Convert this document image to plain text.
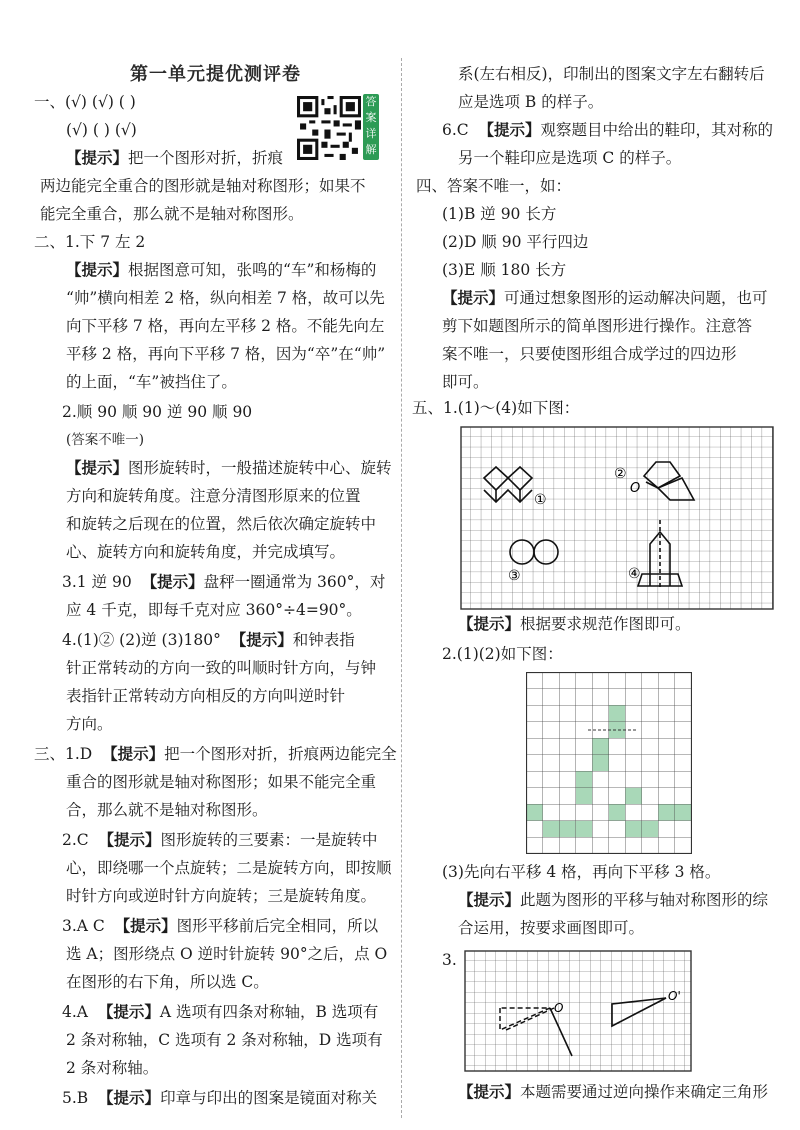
第一单元提优测评卷
答
案
详
解
一、(√) (√) ( )
(√) ( ) (√)
【提示】把一个图形对折，折痕
两边能完全重合的图形就是轴对称图形；如果不
能完全重合，那么就不是轴对称图形。
二、1.下 7 左 2
【提示】根据图意可知，张鸣的“车”和杨梅的
“帅”横向相差 2 格，纵向相差 7 格，故可以先
向下平移 7 格，再向左平移 2 格。不能先向左
平移 2 格，再向下平移 7 格，因为“卒”在“帅”
的上面，“车”被挡住了。
2.顺 90 顺 90 逆 90 顺 90
(答案不唯一)
【提示】图形旋转时，一般描述旋转中心、旋转
方向和旋转角度。注意分清图形原来的位置
和旋转之后现在的位置，然后依次确定旋转中
心、旋转方向和旋转角度，并完成填写。
3.1 逆 90 【提示】盘秤一圈通常为 360°，对
应 4 千克，即每千克对应 360°÷4=90°。
4.(1)② (2)逆 (3)180° 【提示】和钟表指
针正常转动的方向一致的叫顺时针方向，与钟
表指针正常转动方向相反的方向叫逆时针
方向。
三、1.D 【提示】把一个图形对折，折痕两边能完全
重合的图形就是轴对称图形；如果不能完全重
合，那么就不是轴对称图形。
2.C 【提示】图形旋转的三要素：一是旋转中
心，即绕哪一个点旋转；二是旋转方向，即按顺
时针方向或逆时针方向旋转；三是旋转角度。
3.A C 【提示】图形平移前后完全相同，所以
选 A；图形绕点 O 逆时针旋转 90°之后，点 O
在图形的右下角，所以选 C。
4.A 【提示】A 选项有四条对称轴，B 选项有
2 条对称轴，C 选项有 2 条对称轴，D 选项有
2 条对称轴。
5.B 【提示】印章与印出的图案是镜面对称关
系(左右相反)，印制出的图案文字左右翻转后
应是选项 B 的样子。
6.C 【提示】观察题目中给出的鞋印，其对称的
另一个鞋印应是选项 C 的样子。
四、答案不唯一，如：
(1)B 逆 90 长方
(2)D 顺 90 平行四边
(3)E 顺 180 长方
【提示】可通过想象图形的运动解决问题，也可
剪下如题图所示的简单图形进行操作。注意答
案不唯一，只要使图形组合成学过的四边形
即可。
五、1.(1)～(4)如下图：
①
②
O
③	④
【提示】根据要求规范作图即可。
2.(1)(2)如下图：
(3)先向右平移 4 格，再向下平移 3 格。
【提示】此题为图形的平移与轴对称图形的综
合运用，按要求画图即可。
3.
O
O'
【提示】本题需要通过逆向操作来确定三角形
